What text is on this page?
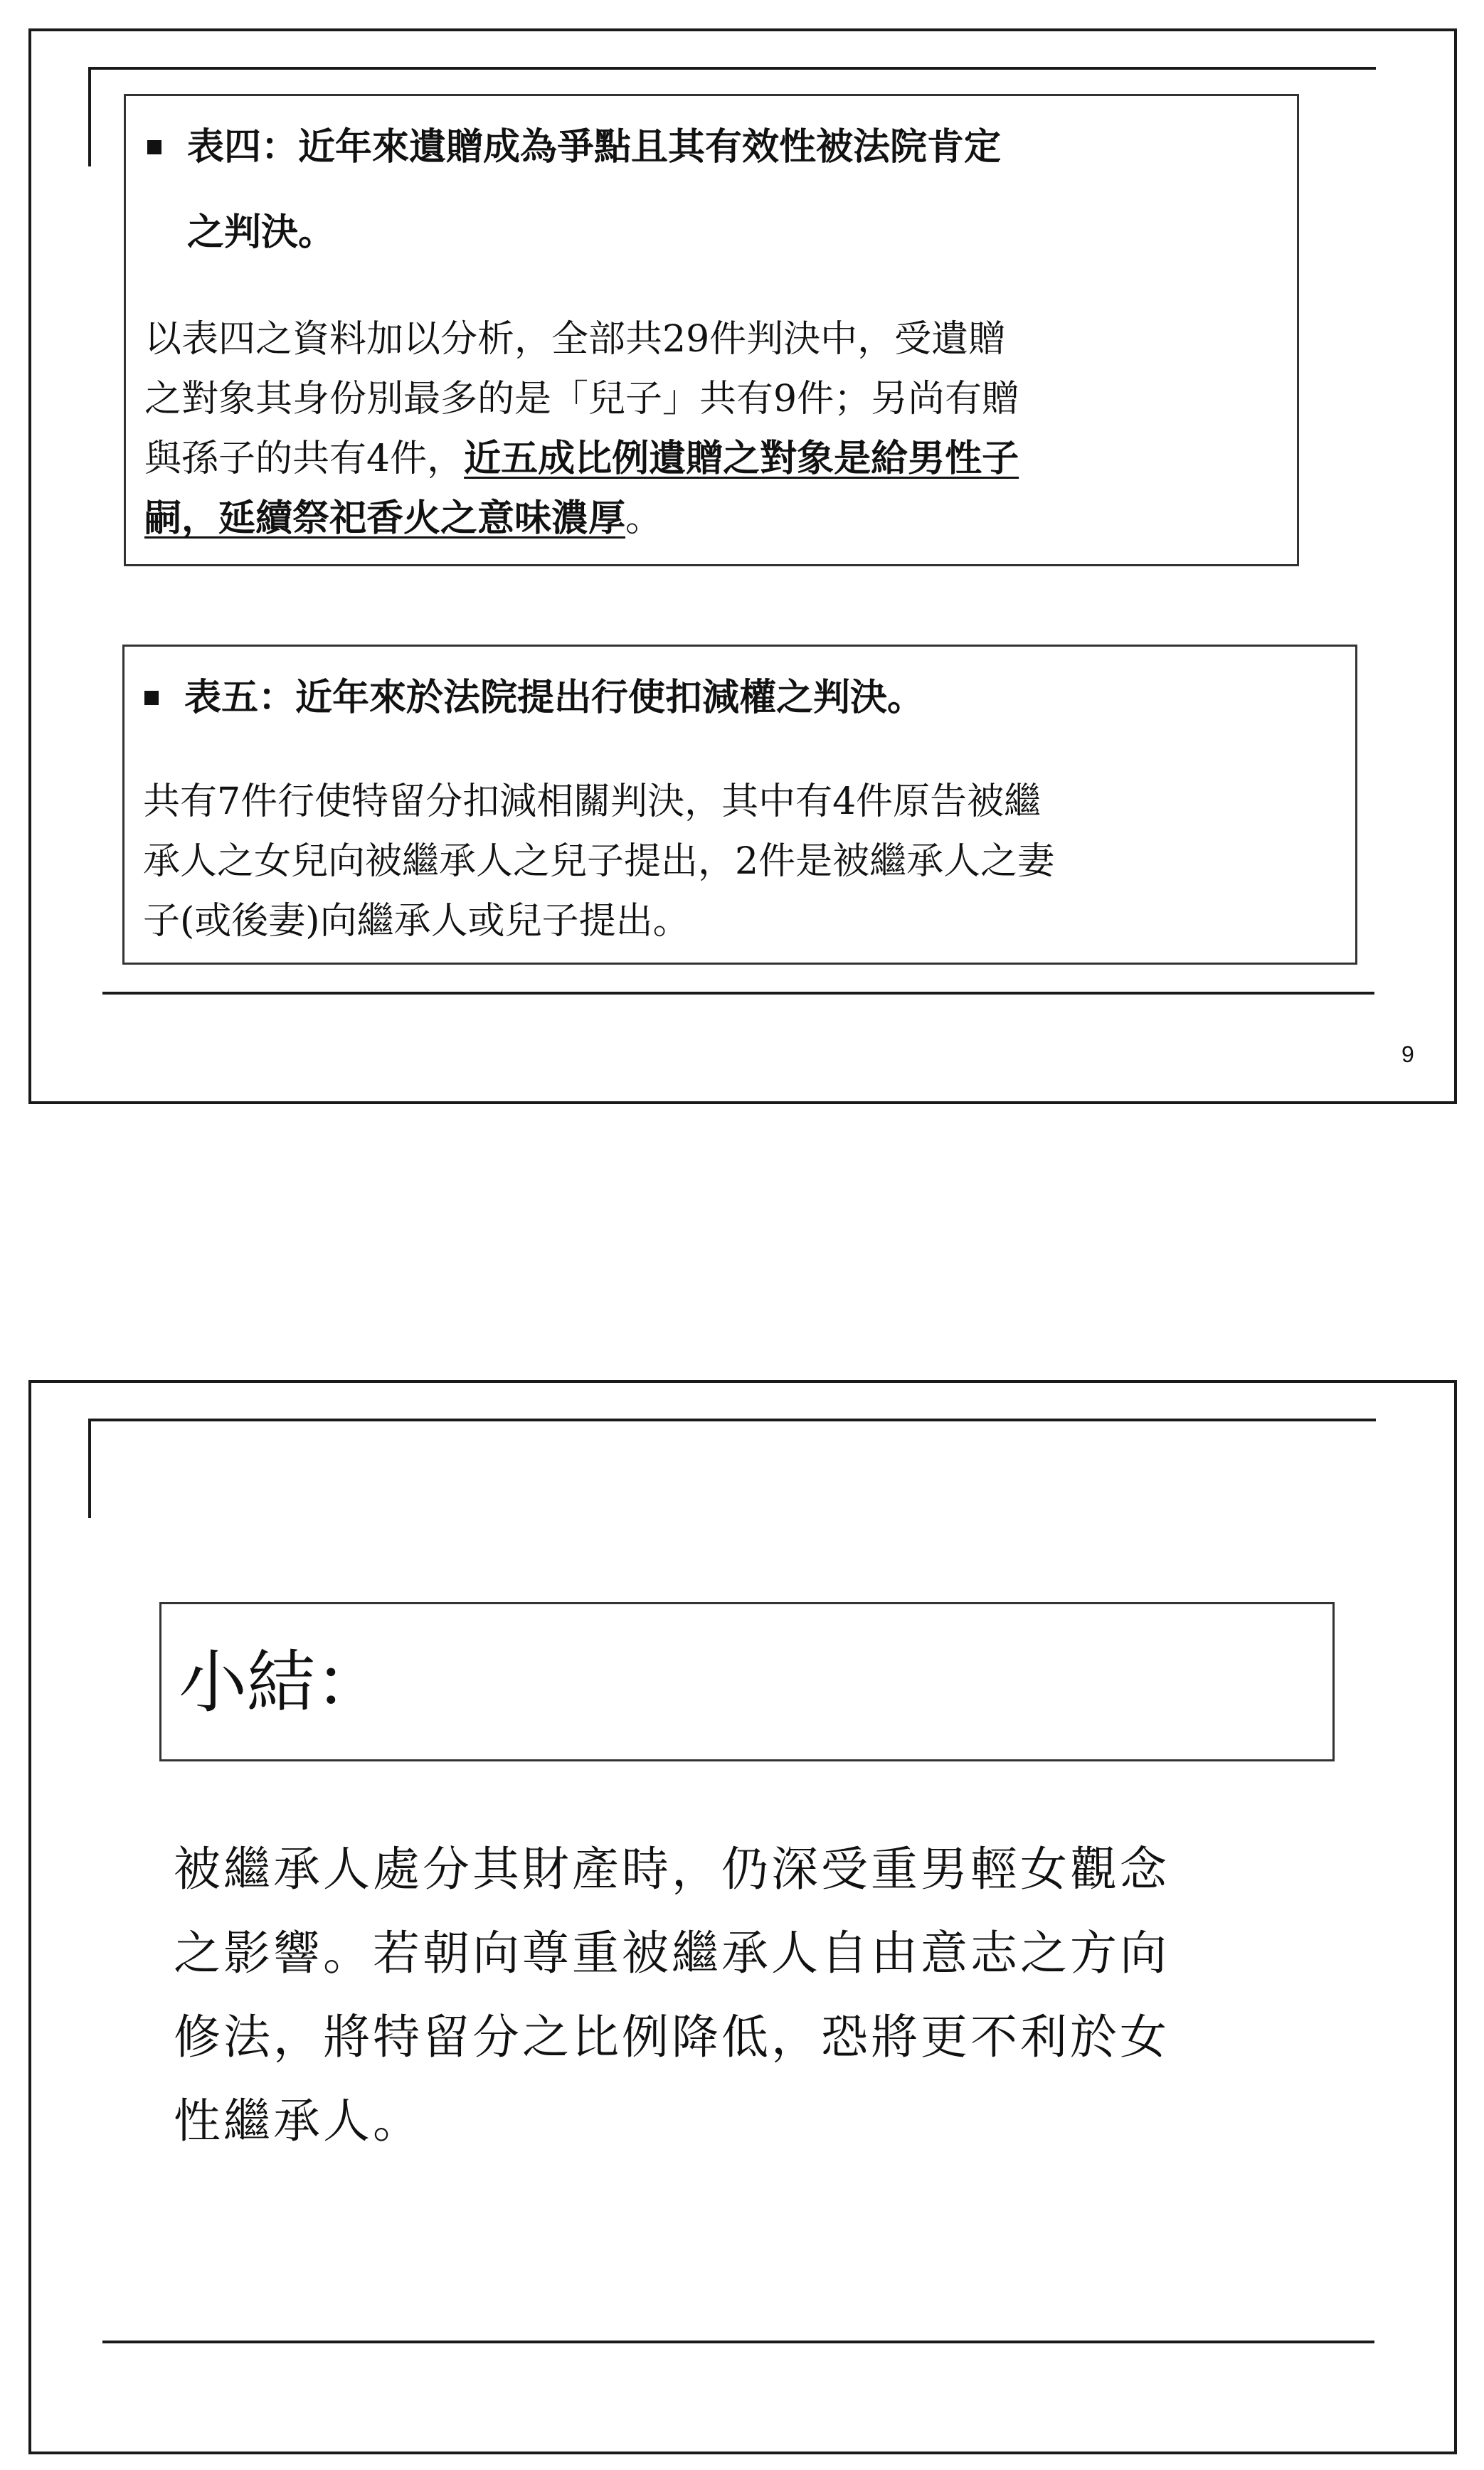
表四：近年來遺贈成為爭點且其有效性被法院肯定
之判決。
以表四之資料加以分析，全部共29件判決中，受遺贈
之對象其身份別最多的是「兒子」共有9件；另尚有贈
與孫子的共有4件，近五成比例遺贈之對象是給男性子
嗣，延續祭祀香火之意味濃厚。
表五：近年來於法院提出行使扣減權之判決。
共有7件行使特留分扣減相關判決，其中有4件原告被繼
承人之女兒向被繼承人之兒子提出，2件是被繼承人之妻
子(或後妻)向繼承人或兒子提出。
9
小結：
被繼承人處分其財產時，仍深受重男輕女觀念
之影響。若朝向尊重被繼承人自由意志之方向
修法，將特留分之比例降低，恐將更不利於女
性繼承人。
